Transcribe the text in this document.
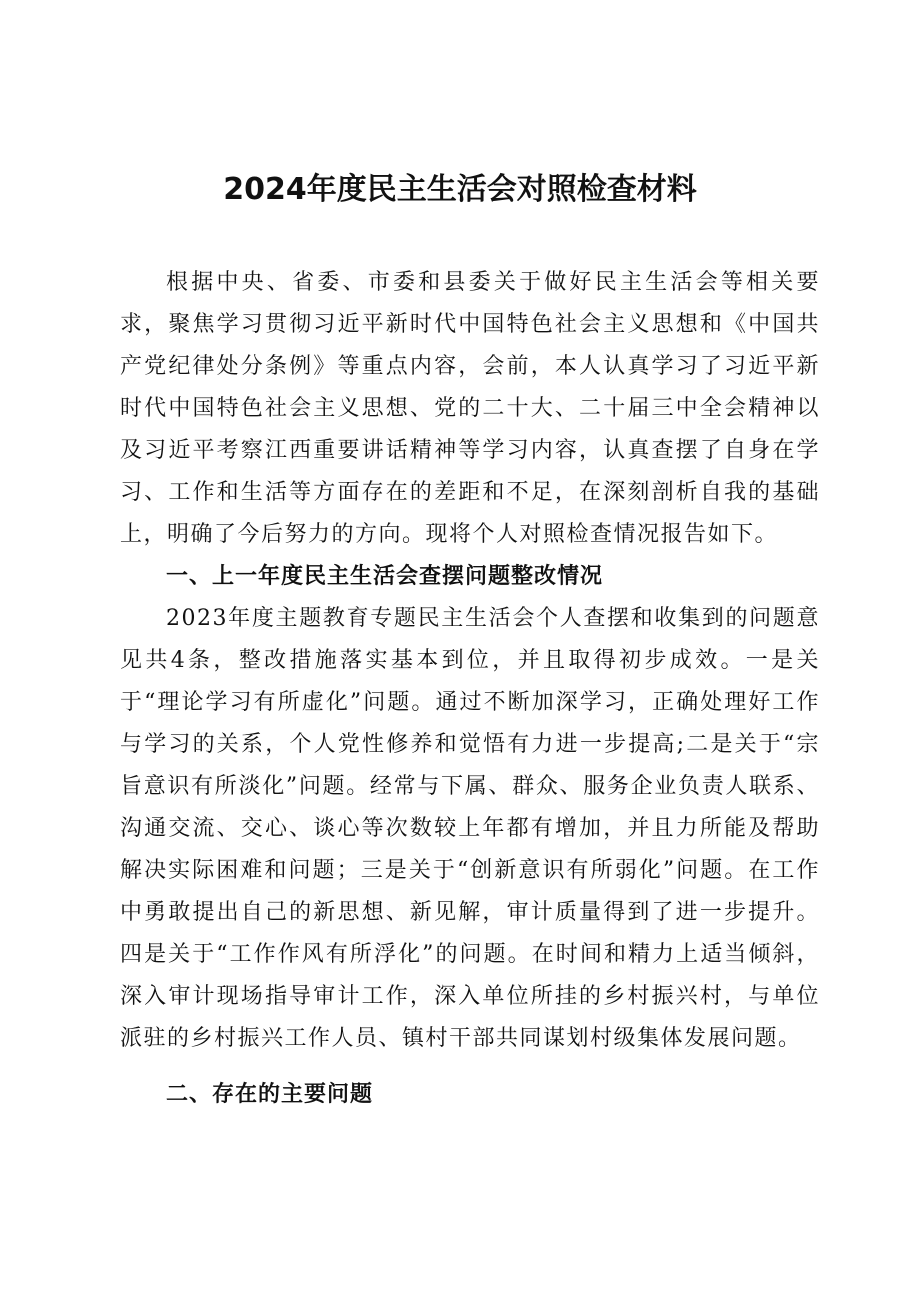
2024年度民主生活会对照检查材料

根据中央、省委、市委和县委关于做好民主生活会等相关要求，聚焦学习贯彻习近平新时代中国特色社会主义思想和《中国共产党纪律处分条例》等重点内容，会前，本人认真学习了习近平新时代中国特色社会主义思想、党的二十大、二十届三中全会精神以及习近平考察江西重要讲话精神等学习内容，认真查摆了自身在学习、工作和生活等方面存在的差距和不足，在深刻剖析自我的基础上，明确了今后努力的方向。现将个人对照检查情况报告如下。

一、上一年度民主生活会查摆问题整改情况

2023年度主题教育专题民主生活会个人查摆和收集到的问题意见共4条，整改措施落实基本到位，并且取得初步成效。一是关于“理论学习有所虚化”问题。通过不断加深学习，正确处理好工作与学习的关系，个人党性修养和觉悟有力进一步提高;二是关于“宗旨意识有所淡化”问题。经常与下属、群众、服务企业负责人联系、沟通交流、交心、谈心等次数较上年都有增加，并且力所能及帮助解决实际困难和问题；三是关于“创新意识有所弱化”问题。在工作中勇敢提出自己的新思想、新见解，审计质量得到了进一步提升。四是关于“工作作风有所浮化”的问题。在时间和精力上适当倾斜，深入审计现场指导审计工作，深入单位所挂的乡村振兴村，与单位派驻的乡村振兴工作人员、镇村干部共同谋划村级集体发展问题。

二、存在的主要问题
